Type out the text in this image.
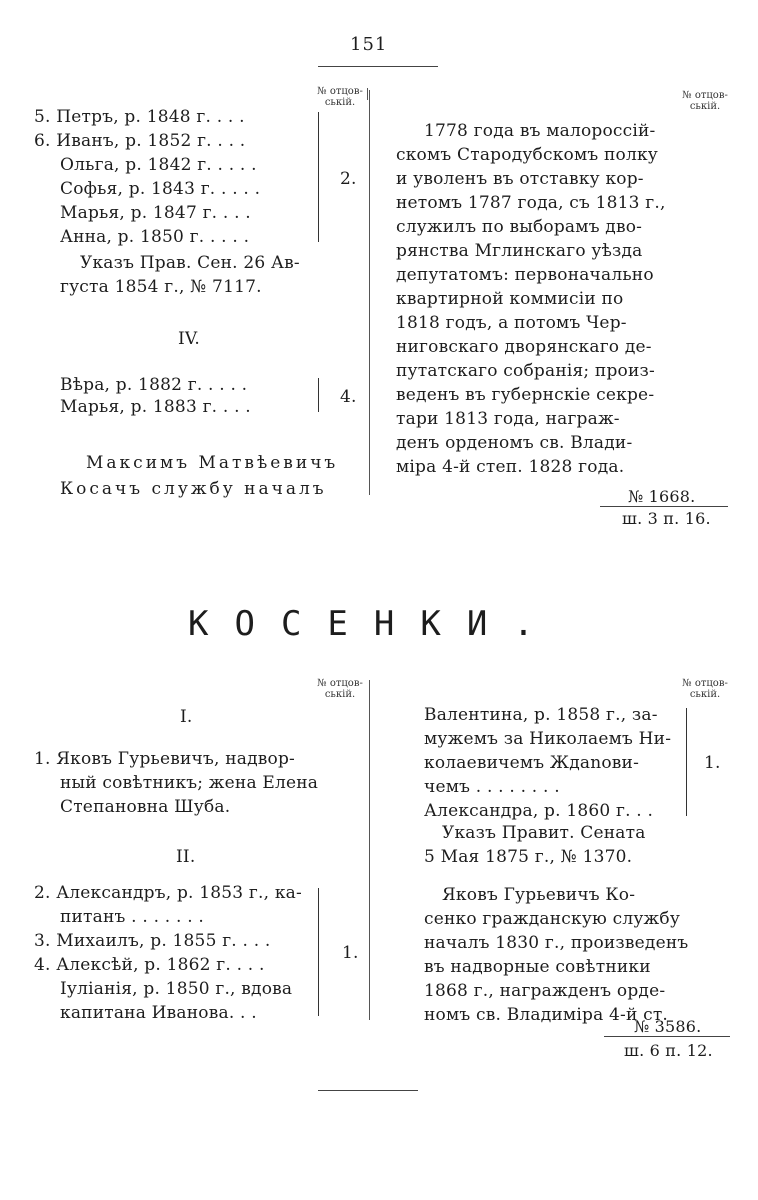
151
№ отцов-ській.
№ отцов-ській.
5. Петръ, р. 1848 г. . . .
6. Иванъ, р. 1852 г. . . .
Ольга, р. 1842 г. . . . .
Софья, р. 1843 г. . . . .
Марья, р. 1847 г. . . .
Анна, р. 1850 г. . . . .
2.
Указъ Прав. Сен. 26 Ав-
густа 1854 г., № 7117.
IV.
Вѣра, р. 1882 г. . . . .
Марья, р. 1883 г. . . .	4.
Максимъ Матвѣевичъ
Косачъ службу началъ
1778 года въ малороссій-
скомъ Стародубскомъ полку
и уволенъ въ отставку кор-
нетомъ 1787 года, съ 1813 г.,
служилъ по выборамъ дво-
рянства Мглинскаго уѣзда
депутатомъ: первоначально
квартирной коммисіи по
1818 годъ, а потомъ Чер-
ниговскаго дворянскаго де-
путатскаго собранія; произ-
веденъ въ губернскіе секре-
тари 1813 года, награж-
денъ орденомъ св. Влади-
міра 4-й степ. 1828 года.
№ 1668.
ш. 3 п. 16.
КОСЕНКИ.
№ отцов-ській.
№ отцов-ській.
I.
1. Яковъ Гурьевичъ, надвор-
ный совѣтникъ; жена Елена
Степановна Шуба.
II.
2. Александръ, р. 1853 г., ка-
питанъ . . . . . . .
3. Михаилъ, р. 1855 г. . . .
4. Алексѣй, р. 1862 г. . . .
Іуліанія, р. 1850 г., вдова
капитана Иванова. . .
1.
Валентина, р. 1858 г., за-
мужемъ за Николаемъ Ни-
колаевичемъ Ждanови-
чемъ . . . . . . . .
Александра, р. 1860 г. . .
1.
Указъ Правит. Сената
5 Мая 1875 г., № 1370.
Яковъ Гурьевичъ Ко-
сенко гражданскую службу
началъ 1830 г., произведенъ
въ надворные совѣтники
1868 г., награжденъ орде-
номъ св. Владиміра 4-й ст.
№ 3586.
ш. 6 п. 12.
